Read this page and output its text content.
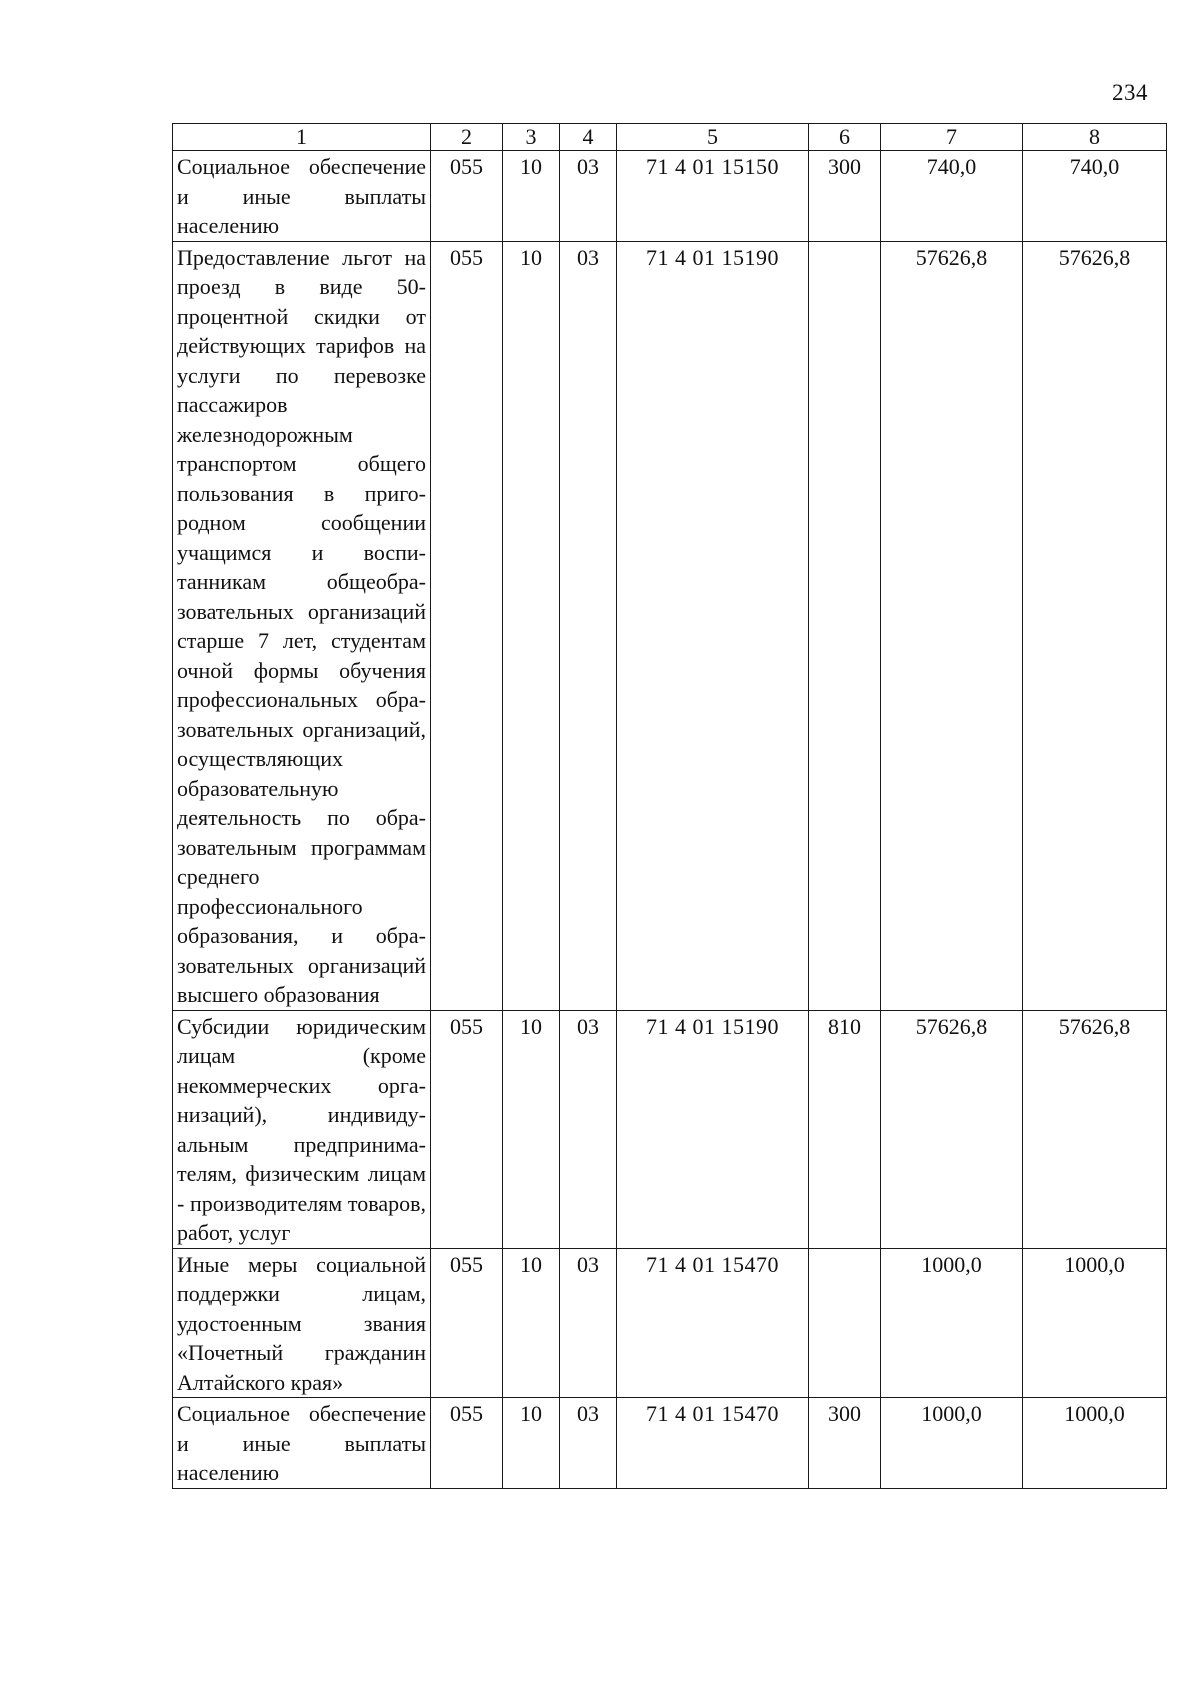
234
1	2	3	4	5	6	7	8
Социальное обеспечение и иные выплаты населению	055	10	03	71 4 01 15150	300	740,0	740,0
Предоставление льгот на проезд в виде 50-процентной скидки от действующих тарифов на услуги по перевозке пассажиров железнодорожным транспортом общего пользования в пригородном сообщении учащимся и воспитанникам общеобразовательных организаций старше 7 лет, студентам очной формы обучения профессиональных образовательных организаций, осуществляющих образовательную деятельность по образовательным программам среднего профессионального образования, и образовательных организаций высшего образования	055	10	03	71 4 01 15190		57626,8	57626,8
Субсидии юридическим лицам (кроме некоммерческих организаций), индивидуальным предпринимателям, физическим лицам - производителям товаров, работ, услуг	055	10	03	71 4 01 15190	810	57626,8	57626,8
Иные меры социальной поддержки лицам, удостоенным звания «Почетный гражданин Алтайского края»	055	10	03	71 4 01 15470		1000,0	1000,0
Социальное обеспечение и иные выплаты населению	055	10	03	71 4 01 15470	300	1000,0	1000,0
